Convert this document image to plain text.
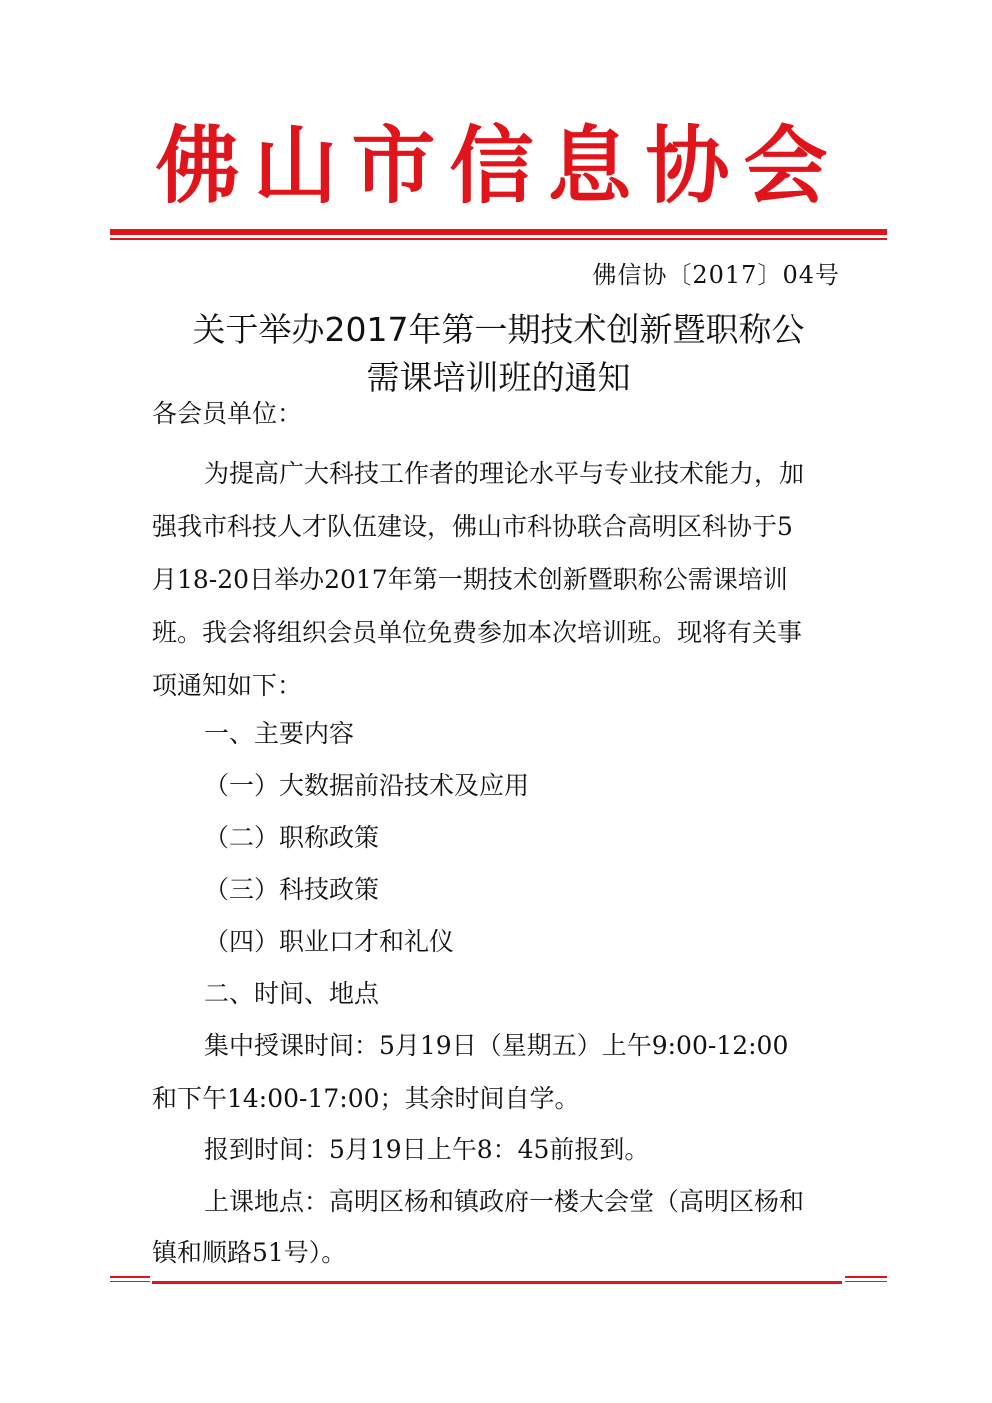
佛山市信息协会
佛信协〔2017〕04号
关于举办2017年第一期技术创新暨职称公
需课培训班的通知
各会员单位：
为提高广大科技工作者的理论水平与专业技术能力，加
强我市科技人才队伍建设，佛山市科协联合高明区科协于5
月18-20日举办2017年第一期技术创新暨职称公需课培训
班。我会将组织会员单位免费参加本次培训班。现将有关事
项通知如下：
一、主要内容
（一）大数据前沿技术及应用
（二）职称政策
（三）科技政策
（四）职业口才和礼仪
二、时间、地点
集中授课时间：5月19日（星期五）上午9:00-12:00
和下午14:00-17:00；其余时间自学。
报到时间：5月19日上午8：45前报到。
上课地点：高明区杨和镇政府一楼大会堂（高明区杨和
镇和顺路51号）。
